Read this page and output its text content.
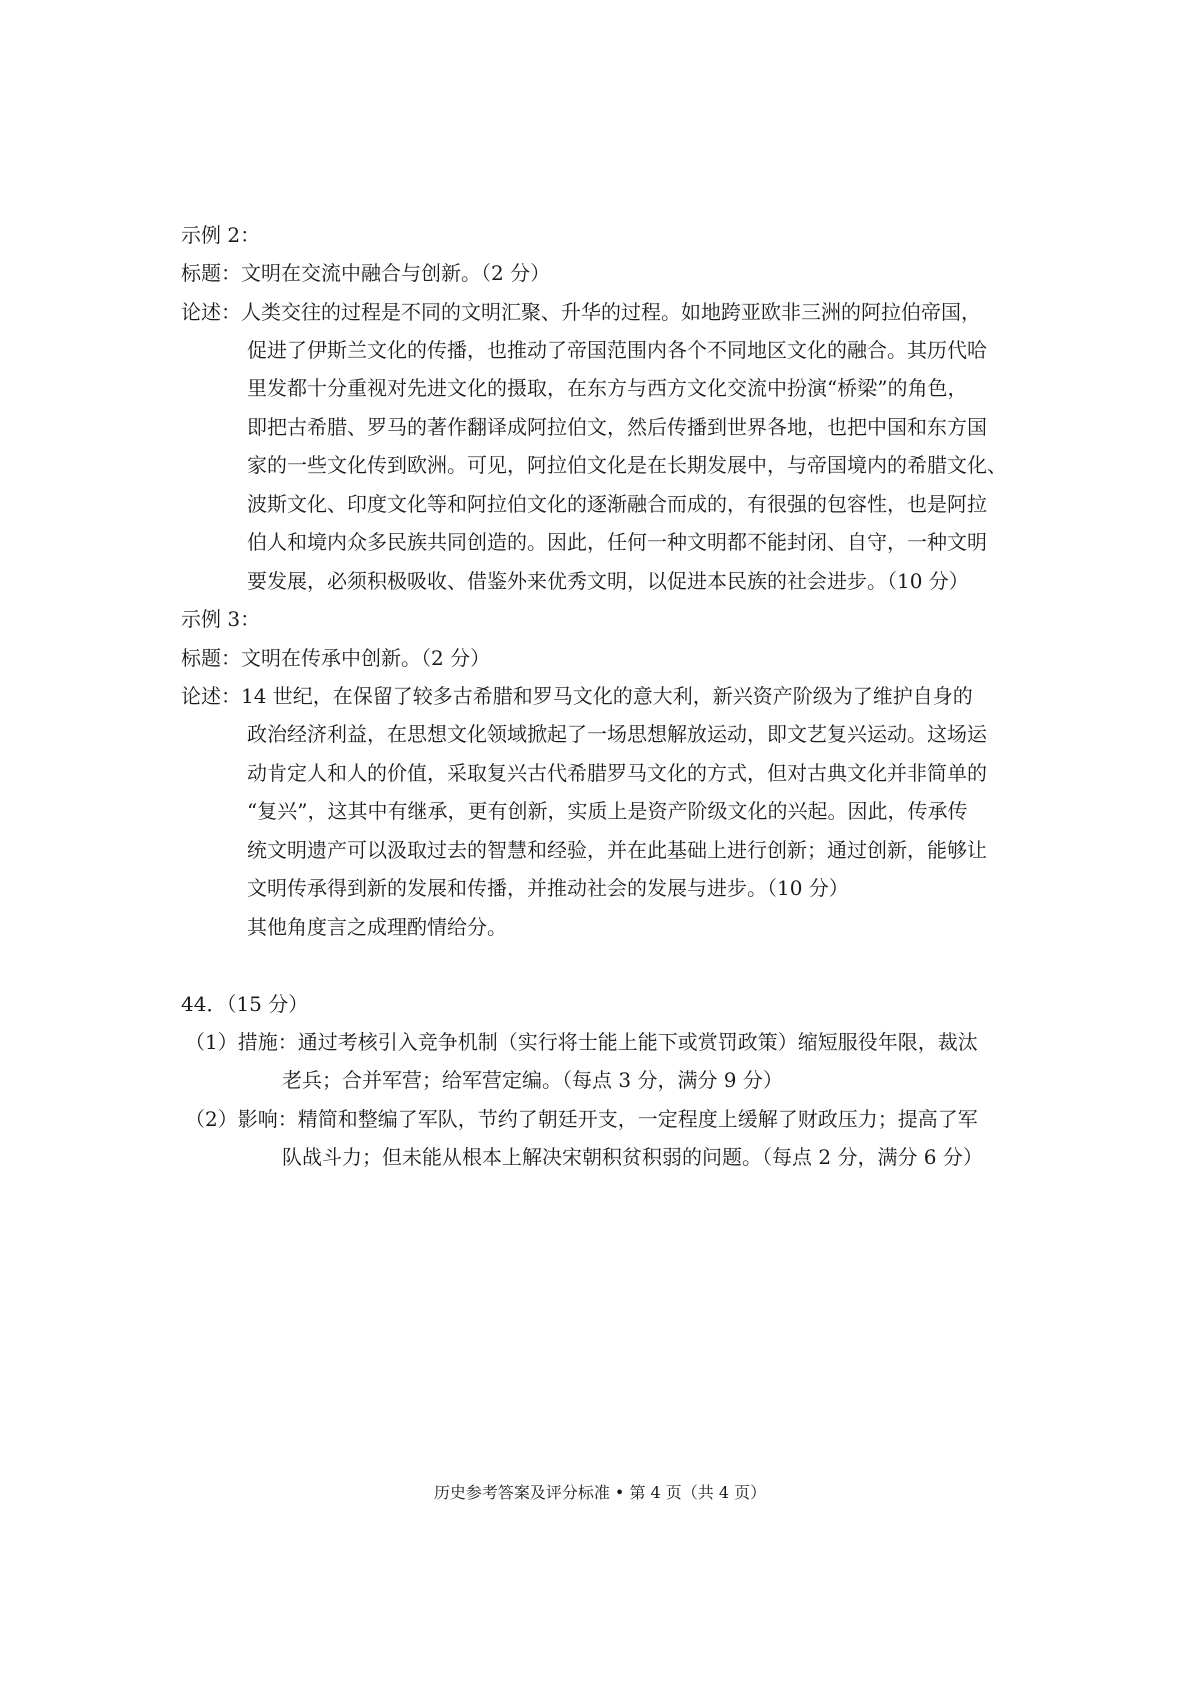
示例 2：
标题：文明在交流中融合与创新。（2 分）
论述：人类交往的过程是不同的文明汇聚、升华的过程。如地跨亚欧非三洲的阿拉伯帝国，
促进了伊斯兰文化的传播，也推动了帝国范围内各个不同地区文化的融合。其历代哈
里发都十分重视对先进文化的摄取，在东方与西方文化交流中扮演“桥梁”的角色，
即把古希腊、罗马的著作翻译成阿拉伯文，然后传播到世界各地，也把中国和东方国
家的一些文化传到欧洲。可见，阿拉伯文化是在长期发展中，与帝国境内的希腊文化、
波斯文化、印度文化等和阿拉伯文化的逐渐融合而成的，有很强的包容性，也是阿拉
伯人和境内众多民族共同创造的。因此，任何一种文明都不能封闭、自守，一种文明
要发展，必须积极吸收、借鉴外来优秀文明，以促进本民族的社会进步。（10 分）
示例 3：
标题：文明在传承中创新。（2 分）
论述：14 世纪，在保留了较多古希腊和罗马文化的意大利，新兴资产阶级为了维护自身的
政治经济利益，在思想文化领域掀起了一场思想解放运动，即文艺复兴运动。这场运
动肯定人和人的价值，采取复兴古代希腊罗马文化的方式，但对古典文化并非简单的
“复兴”，这其中有继承，更有创新，实质上是资产阶级文化的兴起。因此，传承传
统文明遗产可以汲取过去的智慧和经验，并在此基础上进行创新；通过创新，能够让
文明传承得到新的发展和传播，并推动社会的发展与进步。（10 分）
其他角度言之成理酌情给分。
44．（15 分）
（1）措施：通过考核引入竞争机制（实行将士能上能下或赏罚政策）缩短服役年限，裁汰
老兵；合并军营；给军营定编。（每点 3 分，满分 9 分）
（2）影响：精简和整编了军队，节约了朝廷开支，一定程度上缓解了财政压力；提高了军
队战斗力；但未能从根本上解决宋朝积贫积弱的问题。（每点 2 分，满分 6 分）
历史参考答案及评分标准 • 第 4 页（共 4 页）
